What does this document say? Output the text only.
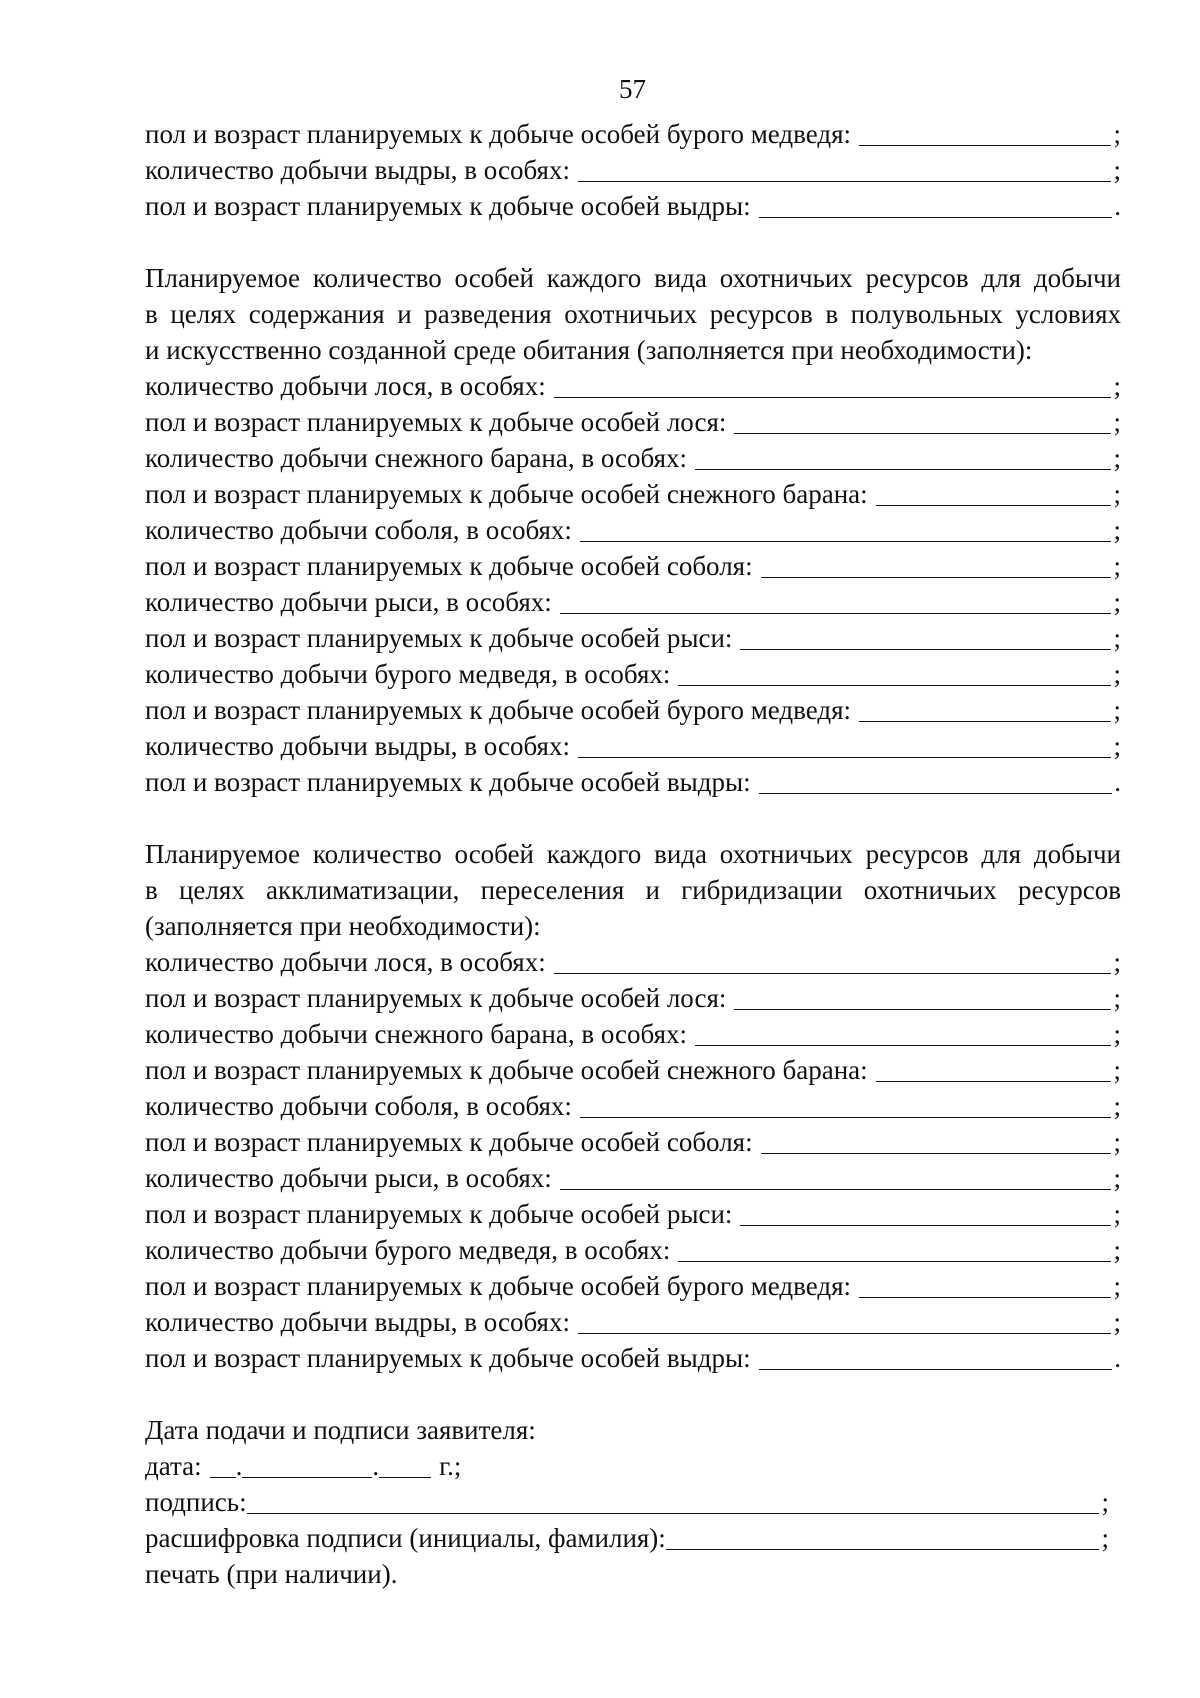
57
пол и возраст планируемых к добыче особей бурого медведя:	;
количество добычи выдры, в особях:	;
пол и возраст планируемых к добыче особей выдры:	.
Планируемое количество особей каждого вида охотничьих ресурсов для добычи
в целях содержания и разведения охотничьих ресурсов в полувольных условиях
и искусственно созданной среде обитания (заполняется при необходимости):
количество добычи лося, в особях:	;
пол и возраст планируемых к добыче особей лося:	;
количество добычи снежного барана, в особях:	;
пол и возраст планируемых к добыче особей снежного барана:	;
количество добычи соболя, в особях:	;
пол и возраст планируемых к добыче особей соболя:	;
количество добычи рыси, в особях:	;
пол и возраст планируемых к добыче особей рыси:	;
количество добычи бурого медведя, в особях:	;
пол и возраст планируемых к добыче особей бурого медведя:	;
количество добычи выдры, в особях:	;
пол и возраст планируемых к добыче особей выдры:	.
Планируемое количество особей каждого вида охотничьих ресурсов для добычи
в целях акклиматизации, переселения и гибридизации охотничьих ресурсов
(заполняется при необходимости):
количество добычи лося, в особях:	;
пол и возраст планируемых к добыче особей лося:	;
количество добычи снежного барана, в особях:	;
пол и возраст планируемых к добыче особей снежного барана:	;
количество добычи соболя, в особях:	;
пол и возраст планируемых к добыче особей соболя:	;
количество добычи рыси, в особях:	;
пол и возраст планируемых к добыче особей рыси:	;
количество добычи бурого медведя, в особях:	;
пол и возраст планируемых к добыче особей бурого медведя:	;
количество добычи выдры, в особях:	;
пол и возраст планируемых к добыче особей выдры:	.
Дата подачи и подписи заявителя:
дата: .	. г.;
подпись:	;
расшифровка подписи (инициалы, фамилия):	;
печать (при наличии).
